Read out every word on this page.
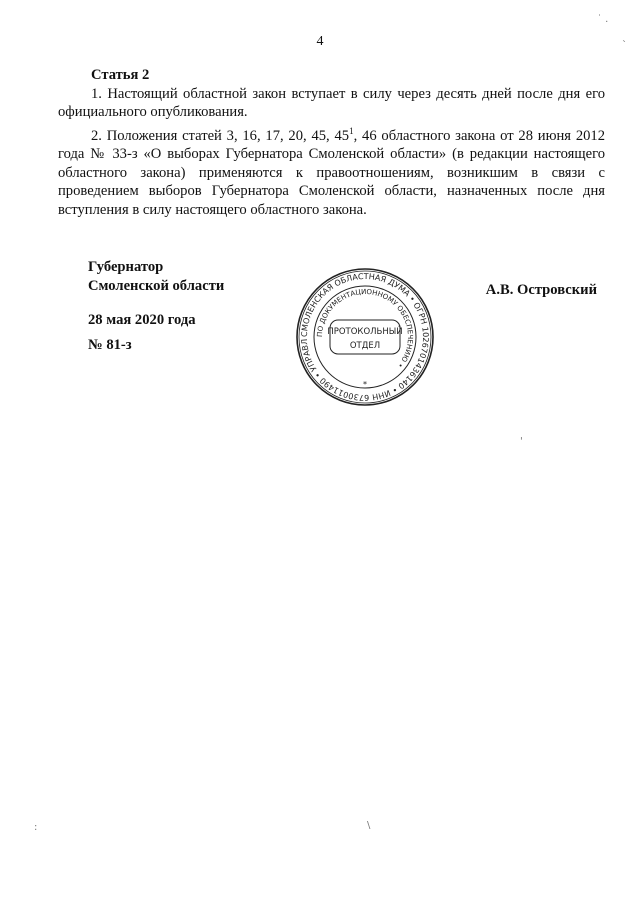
4
Статья 2

1. Настоящий областной закон вступает в силу через десять дней после дня его официального опубликования.

2. Положения статей 3, 16, 17, 20, 45, $45^1$, 46 областного закона от 28 июня 2012 года № 33-з «О выборах Губернатора Смоленской области» (в редакции настоящего областного закона) применяются к правоотношениям, возникшим в связи с проведением выборов Губернатора Смоленской области, назначенных после дня вступления в силу настоящего областного закона.

Губернатор
Смоленской области
28 мая 2020 года
№ 81-з
А.В. Островский
СМОЛЕНСКАЯ ОБЛАСТНАЯ ДУМА • ОГРН 1026701436140 • ИНН 6730011490 • УПРАВЛ
ПО ДОКУМЕНТАЦИОННОМУ ОБЕСПЕЧЕНИЮ •
ПРОТОКОЛЬНЫЙ
ОТДЕЛ
*
˙ .
`
'
:	\
